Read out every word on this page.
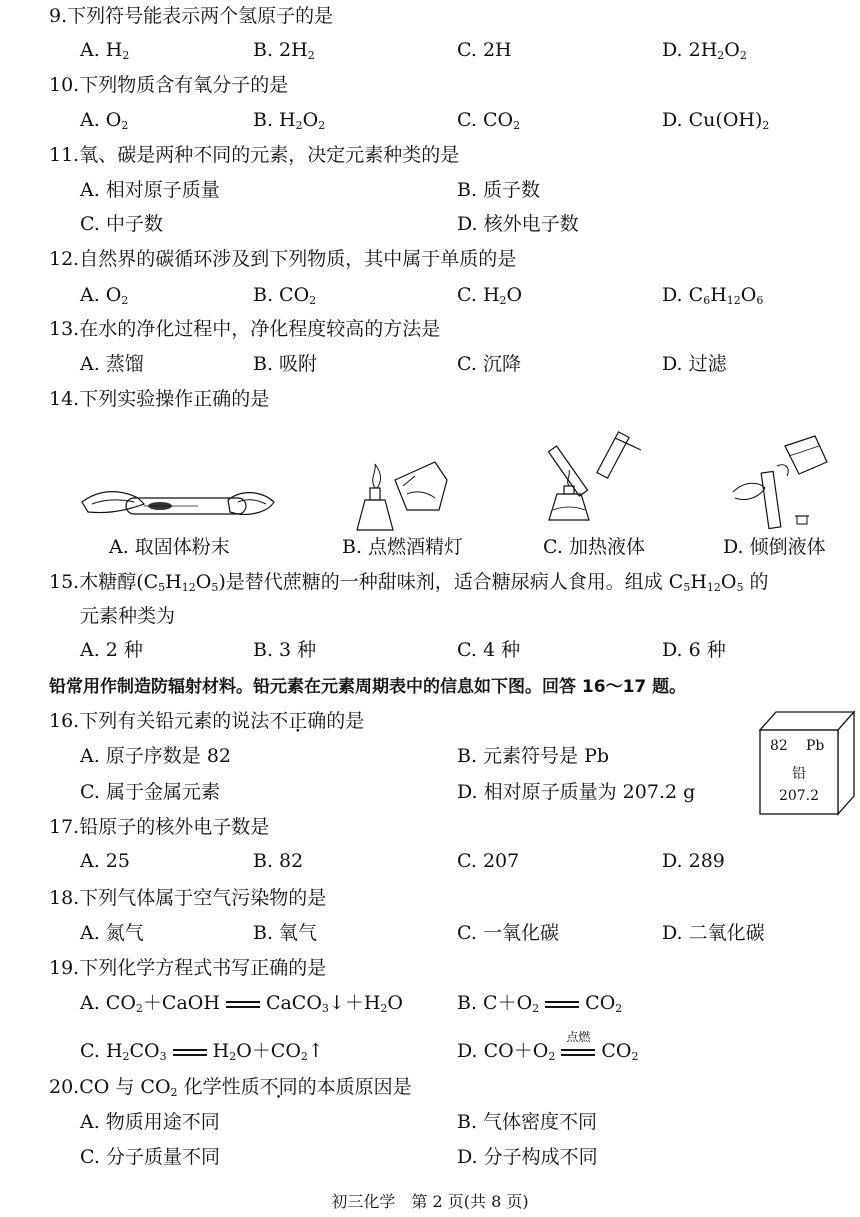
9.下列符号能表示两个氢原子的是
A. $H_2$	B. $2H_2$	C. 2H	D. $2H_2O_2$
10.下列物质含有氧分子的是
A. $O_2$	B. $H_2O_2$	C. $CO_2$	D. $Cu(OH)_2$
11.氧、碳是两种不同的元素，决定元素种类的是
A. 相对原子质量	B. 质子数
C. 中子数	D. 核外电子数
12.自然界的碳循环涉及到下列物质，其中属于单质的是
A. $O_2$	B. $CO_2$	C. $H_2O$	D. $C_6H_{12}O_6$
13.在水的净化过程中，净化程度较高的方法是
A. 蒸馏	B. 吸附	C. 沉降	D. 过滤
14.下列实验操作正确的是
A. 取固体粉末	B. 点燃酒精灯	C. 加热液体	D. 倾倒液体
15.木糖醇$(C_5H_{12}O_5)$是替代蔗糖的一种甜味剂，适合糖尿病人食用。组成 $C_5H_{12}O_5$ 的
元素种类为
A. 2 种	B. 3 种	C. 4 种	D. 6 种
铅常用作制造防辐射材料。铅元素在元素周期表中的信息如下图。回答 16～17 题。
16.下列有关铅元素的说法不正确的是
A. 原子序数是 82	B. 元素符号是 Pb
C. 属于金属元素	D. 相对原子质量为 207.2 g
82 Pb
铅
207.2
17.铅原子的核外电子数是
A. 25	B. 82	C. 207	D. 289
18.下列气体属于空气污染物的是
A. 氮气	B. 氧气	C. 一氧化碳	D. 二氧化碳
19.下列化学方程式书写正确的是
A. $CO_2+CaOH$ $CaCO_3↓+H_2O$	B. $C+O_2$ $CO_2$
C. $H_2CO_3$ $H_2O+CO_2↑$	D. $CO+O_2$
点燃
$CO_2$
20.CO 与 $CO_2$ 化学性质不同的本质原因是
A. 物质用途不同	B. 气体密度不同
C. 分子质量不同	D. 分子构成不同
初三化学　第 2 页(共 8 页)
